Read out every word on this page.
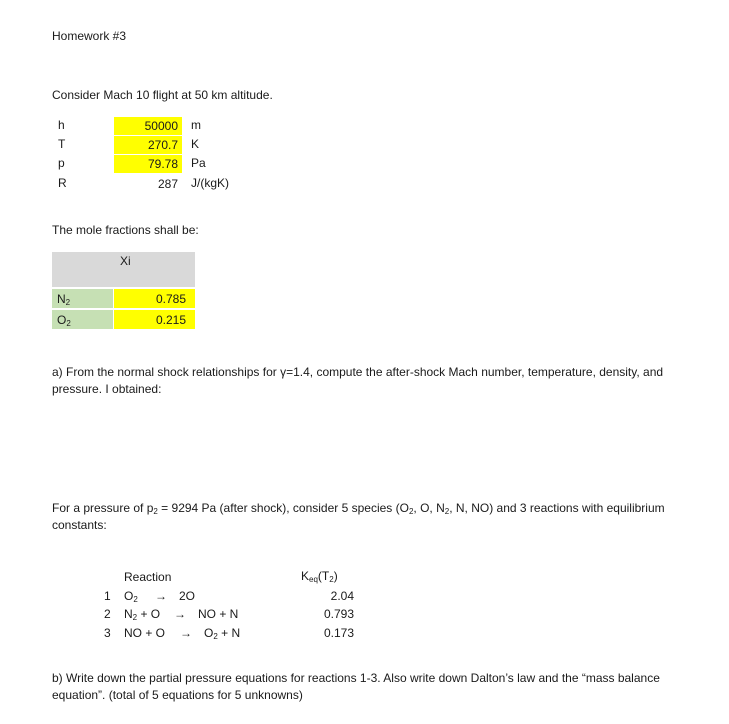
Homework #3
Consider Mach 10 flight at 50 km altitude.
h	50000	m
T	270.7	K
p	79.78	Pa
R	287	J/(kgK)
The mole fractions shall be:
Xi
$N_2$	0.785
$O_2$	0.215
a) From the normal shock relationships for γ=1.4, compute the after-shock Mach number, temperature, density, and pressure. I obtained:
For a pressure of $p_2 = 9294$ Pa (after shock), consider 5 species ($O_2$, O, $N_2$, N, NO) and 3 reactions with equilibrium constants:
Reaction	$K_{eq}(T_2)$
1 $O_2 \to 2O$	2.04
2 $N_2 + O$ → NO + N	0.793
3 NO + $O \to O_2 + N$	0.173
b) Write down the partial pressure equations for reactions 1-3. Also write down Dalton’s law and the “mass balance equation”. (total of 5 equations for 5 unknowns)
